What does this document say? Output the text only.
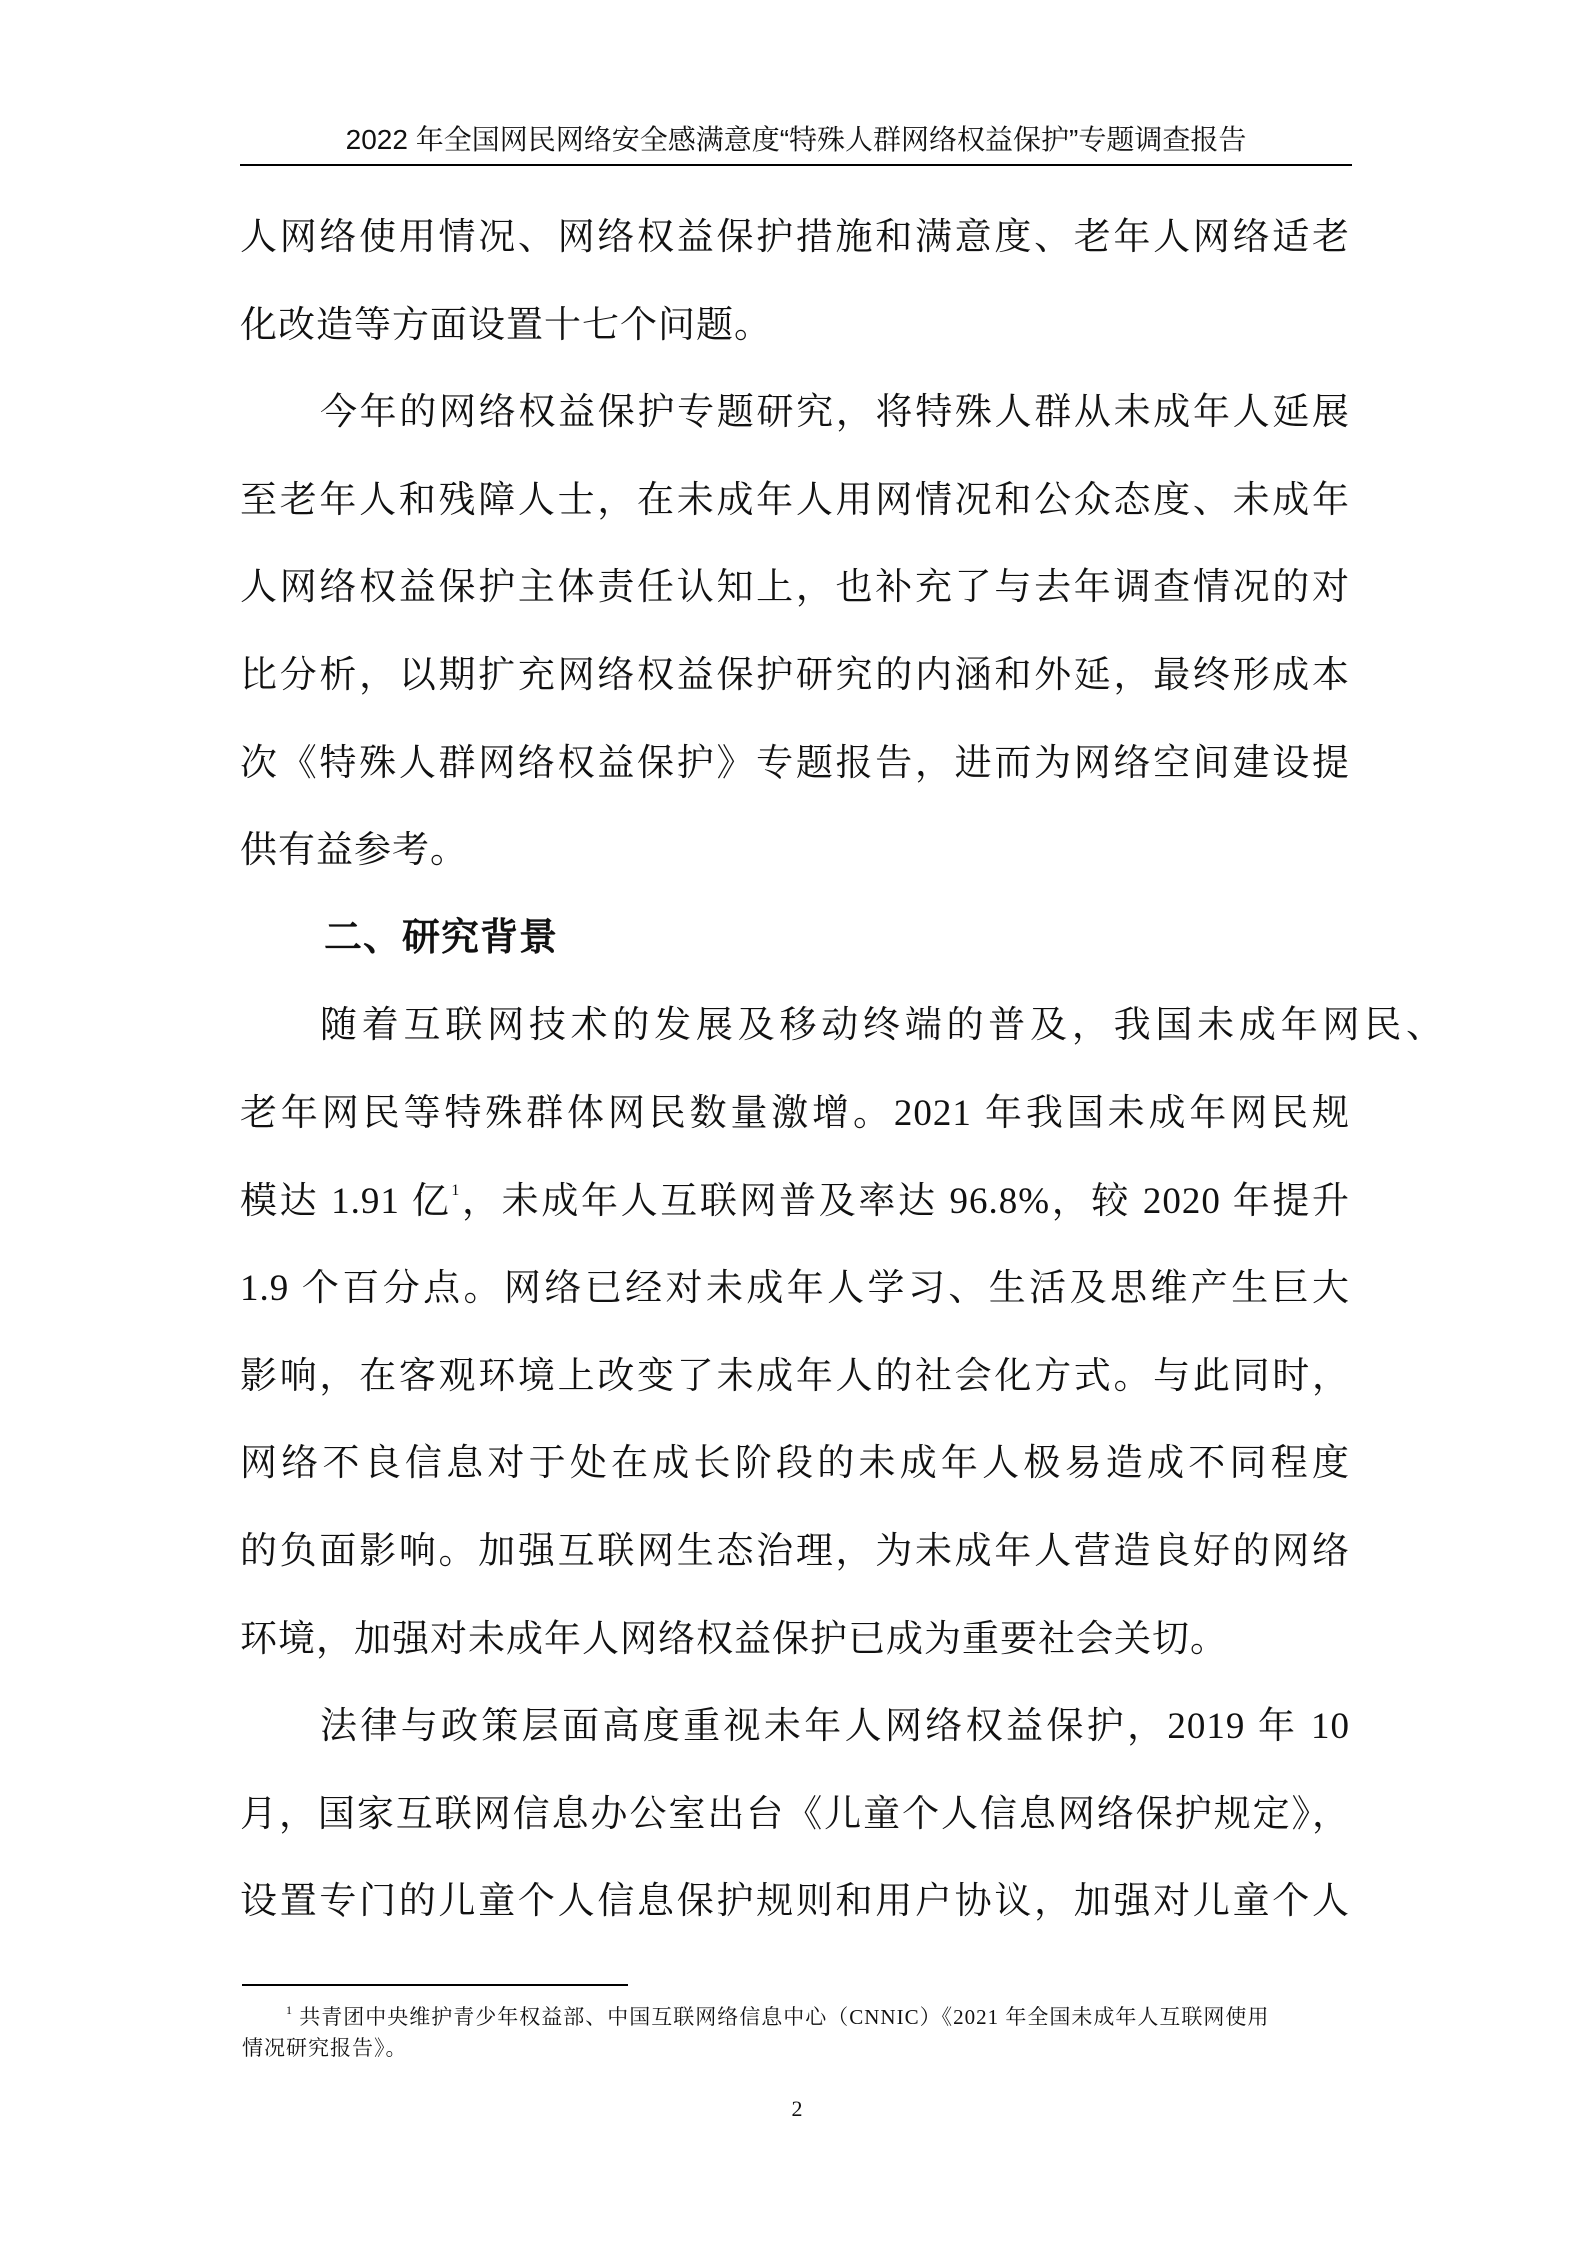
2022 年全国网民网络安全感满意度“特殊人群网络权益保护”专题调查报告
人网络使用情况、网络权益保护措施和满意度、老年人网络适老
化改造等方面设置十七个问题。
今年的网络权益保护专题研究，将特殊人群从未成年人延展
至老年人和残障人士，在未成年人用网情况和公众态度、未成年
人网络权益保护主体责任认知上，也补充了与去年调查情况的对
比分析，以期扩充网络权益保护研究的内涵和外延，最终形成本
次《特殊人群网络权益保护》专题报告，进而为网络空间建设提
供有益参考。
二、研究背景
随着互联网技术的发展及移动终端的普及，我国未成年网民、
老年网民等特殊群体网民数量激增。2021 年我国未成年网民规
模达 1.91 亿$^1$，未成年人互联网普及率达 96.8%，较 2020 年提升
1.9 个百分点。网络已经对未成年人学习、生活及思维产生巨大
影响，在客观环境上改变了未成年人的社会化方式。与此同时，
网络不良信息对于处在成长阶段的未成年人极易造成不同程度
的负面影响。加强互联网生态治理，为未成年人营造良好的网络
环境，加强对未成年人网络权益保护已成为重要社会关切。
法律与政策层面高度重视未年人网络权益保护，2019 年 10
月，国家互联网信息办公室出台《儿童个人信息网络保护规定》，
设置专门的儿童个人信息保护规则和用户协议，加强对儿童个人
$^1$ 共青团中央维护青少年权益部、中国互联网络信息中心（CNNIC）《2021 年全国未成年人互联网使用
情况研究报告》。
2
